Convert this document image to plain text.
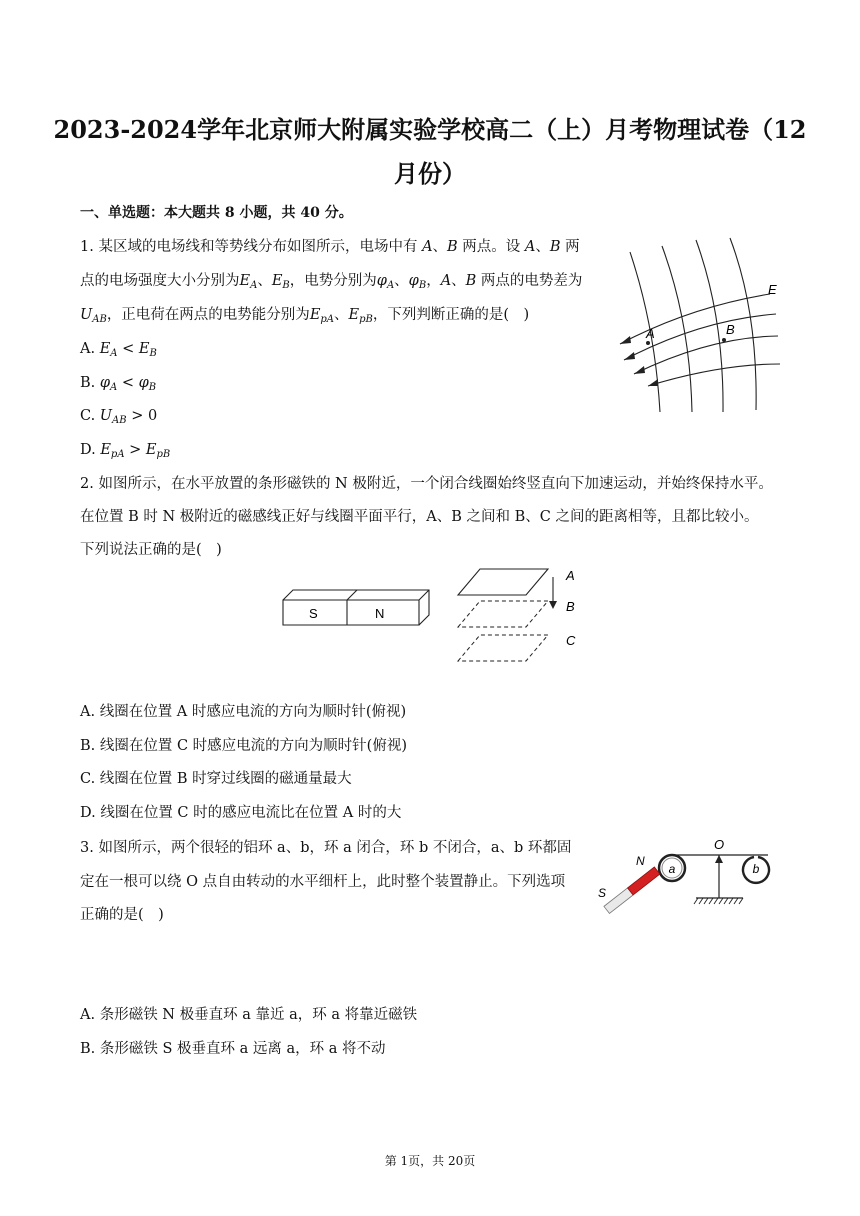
2023-2024学年北京师大附属实验学校高二（上）月考物理试卷（12
月份）
一、单选题：本大题共 8 小题，共 40 分。
1. 某区域的电场线和等势线分布如图所示，电场中有 A、B 两点。设 A、B 两
点的电场强度大小分别为$E_A$、$E_B$，电势分别为$\varphi_A$、$\varphi_B$，A、B 两点的电势差为
$U_{AB}$，正电荷在两点的电势能分别为$E_{pA}$、$E_{pB}$，下列判断正确的是(　)
A. $E_A < E_B$
B. $\varphi_A < \varphi_B$
C. $U_{AB} > 0$
D. $E_{pA} > E_{pB}$
E
A	B
2. 如图所示，在水平放置的条形磁铁的 N 极附近，一个闭合线圈始终竖直向下加速运动，并始终保持水平。
在位置 B 时 N 极附近的磁感线正好与线圈平面平行，A、B 之间和 B、C 之间的距离相等，且都比较小。
下列说法正确的是(　)
S	N
A
B
C
A. 线圈在位置 A 时感应电流的方向为顺时针(俯视)
B. 线圈在位置 C 时感应电流的方向为顺时针(俯视)
C. 线圈在位置 B 时穿过线圈的磁通量最大
D. 线圈在位置 C 时的感应电流比在位置 A 时的大
3. 如图所示，两个很轻的铝环 a、b，环 a 闭合，环 b 不闭合，a、b 环都固
定在一根可以绕 O 点自由转动的水平细杆上，此时整个装置静止。下列选项
正确的是(　)
O
N
S
a	b
A. 条形磁铁 N 极垂直环 a 靠近 a，环 a 将靠近磁铁
B. 条形磁铁 S 极垂直环 a 远离 a，环 a 将不动
第 1页，共 20页
